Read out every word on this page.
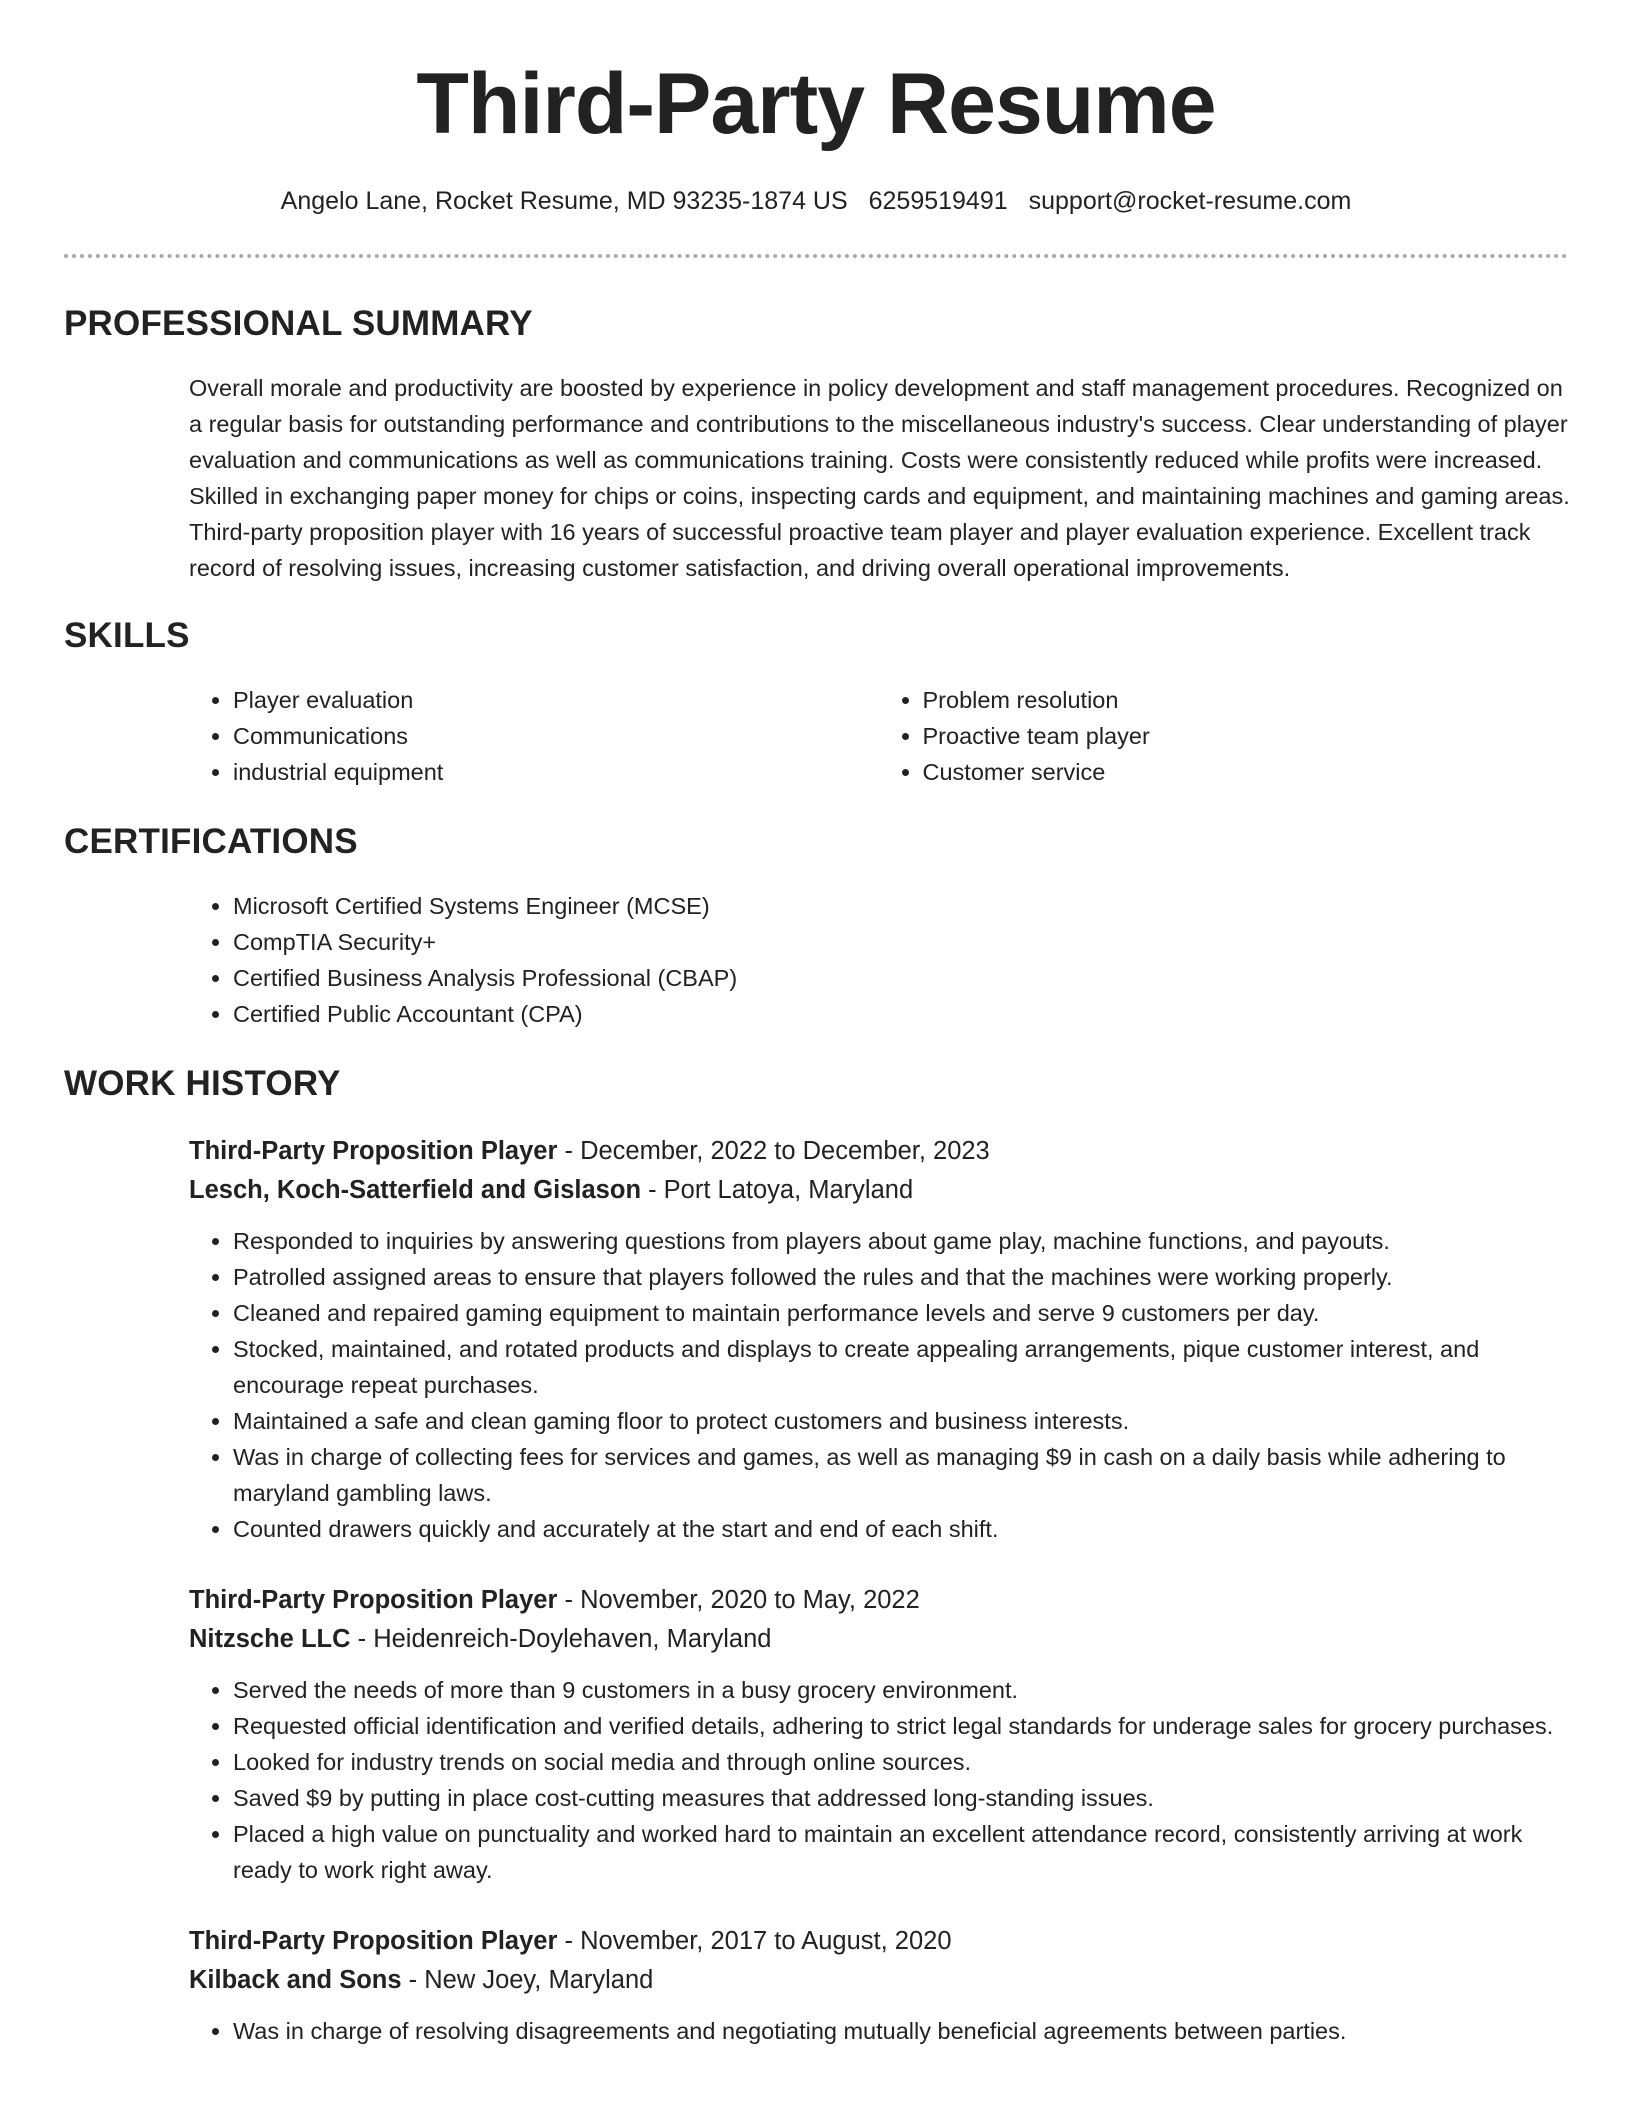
Third-Party Resume
Angelo Lane, Rocket Resume, MD 93235-1874 US 6259519491 support@rocket-resume.com
PROFESSIONAL SUMMARY

Overall morale and productivity are boosted by experience in policy development and staff management procedures. Recognized on a regular basis for outstanding performance and contributions to the miscellaneous industry's success. Clear understanding of player evaluation and communications as well as communications training. Costs were consistently reduced while profits were increased. Skilled in exchanging paper money for chips or coins, inspecting cards and equipment, and maintaining machines and gaming areas. Third-party proposition player with 16 years of successful proactive team player and player evaluation experience. Excellent track record of resolving issues, increasing customer satisfaction, and driving overall operational improvements.

SKILLS
• Player evaluation
• Communications
• industrial equipment
• Problem resolution
• Proactive team player
• Customer service
CERTIFICATIONS
• Microsoft Certified Systems Engineer (MCSE)
• CompTIA Security+
• Certified Business Analysis Professional (CBAP)
• Certified Public Accountant (CPA)
WORK HISTORY

Third-Party Proposition Player - December, 2022 to December, 2023

Lesch, Koch-Satterfield and Gislason - Port Latoya, Maryland

• Responded to inquiries by answering questions from players about game play, machine functions, and payouts.
• Patrolled assigned areas to ensure that players followed the rules and that the machines were working properly.
• Cleaned and repaired gaming equipment to maintain performance levels and serve 9 customers per day.
• Stocked, maintained, and rotated products and displays to create appealing arrangements, pique customer interest, and encourage repeat purchases.
• Maintained a safe and clean gaming floor to protect customers and business interests.
• Was in charge of collecting fees for services and games, as well as managing $9 in cash on a daily basis while adhering to maryland gambling laws.
• Counted drawers quickly and accurately at the start and end of each shift.

Third-Party Proposition Player - November, 2020 to May, 2022

Nitzsche LLC - Heidenreich-Doylehaven, Maryland

• Served the needs of more than 9 customers in a busy grocery environment.
• Requested official identification and verified details, adhering to strict legal standards for underage sales for grocery purchases.
• Looked for industry trends on social media and through online sources.
• Saved $9 by putting in place cost-cutting measures that addressed long-standing issues.
• Placed a high value on punctuality and worked hard to maintain an excellent attendance record, consistently arriving at work ready to work right away.

Third-Party Proposition Player - November, 2017 to August, 2020

Kilback and Sons - New Joey, Maryland

• Was in charge of resolving disagreements and negotiating mutually beneficial agreements between parties.
